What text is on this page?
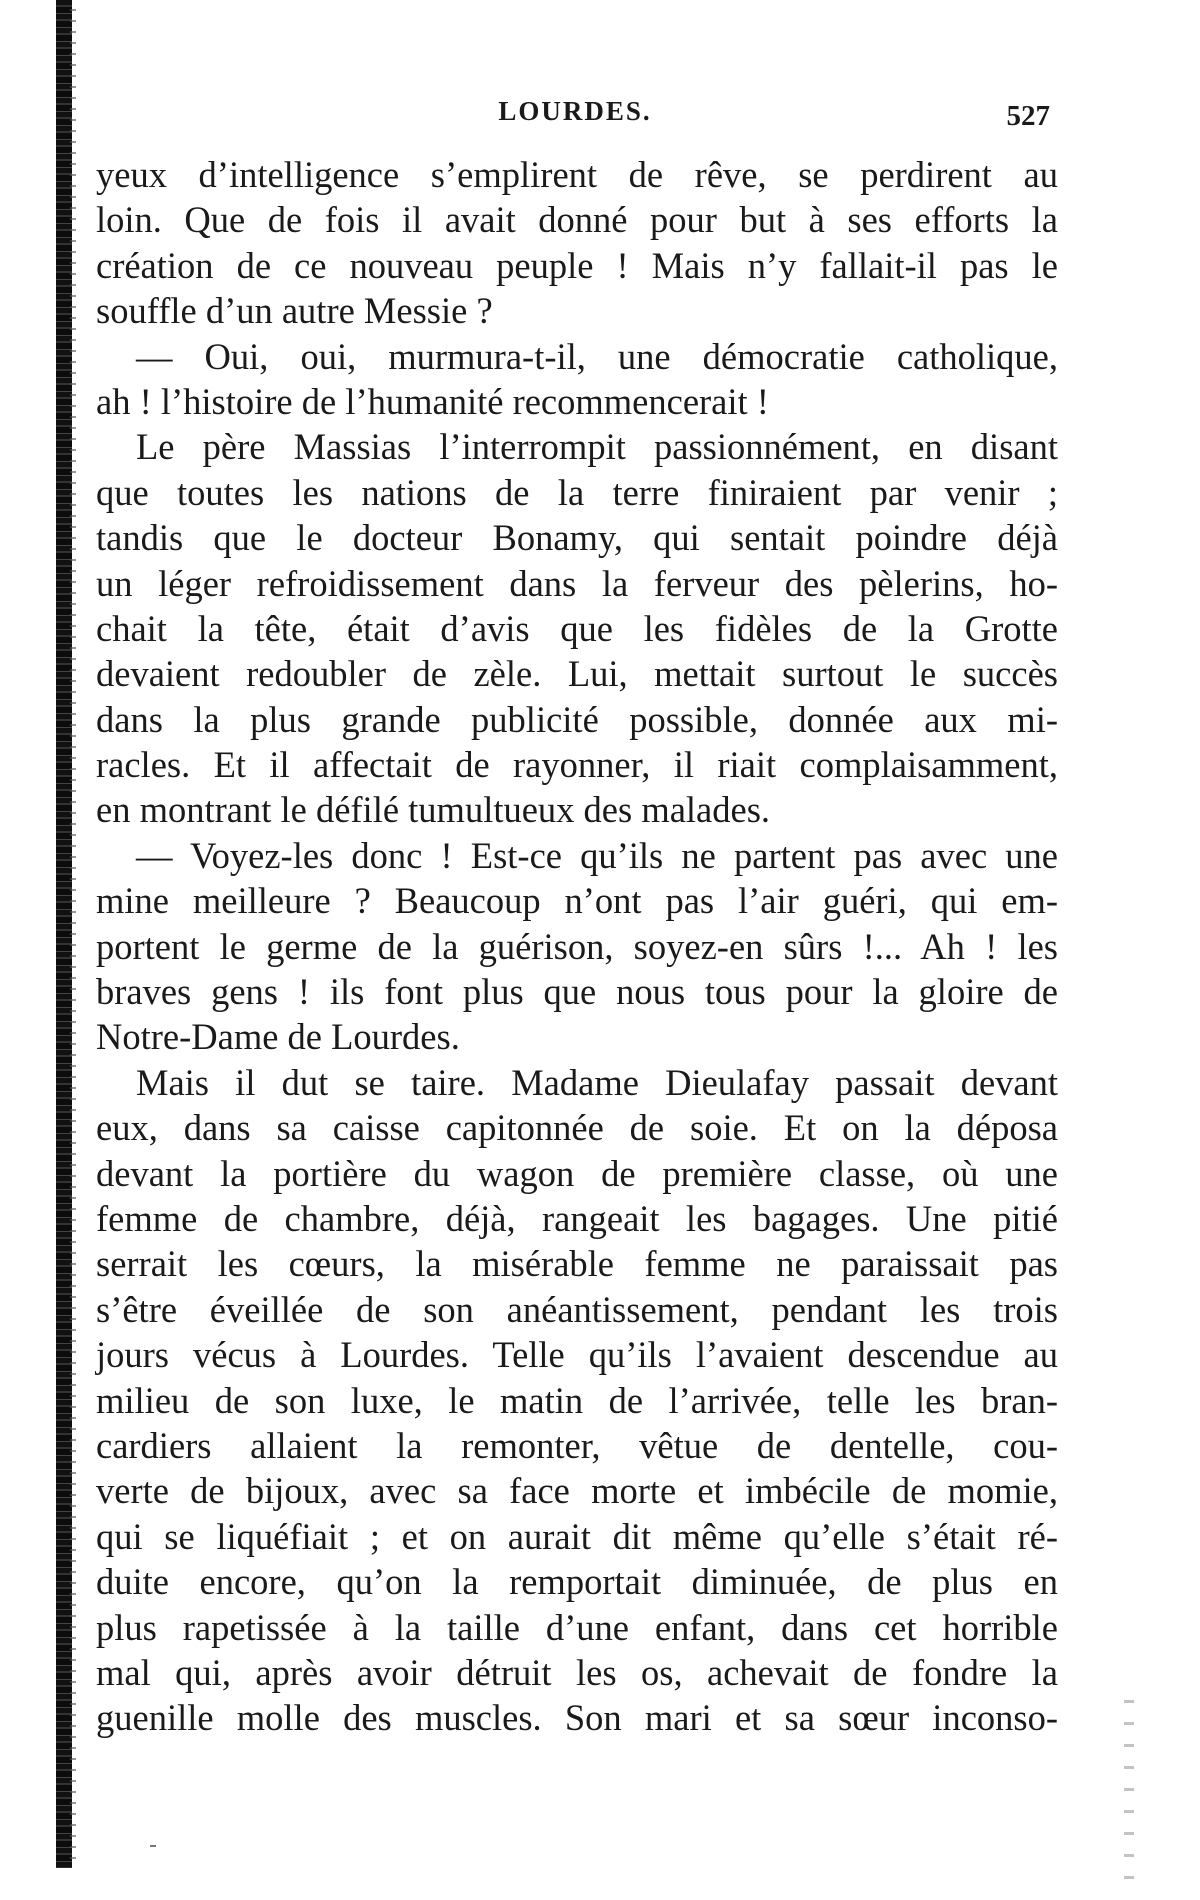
LOURDES.	527
yeux d’intelligence s’emplirent de rêve, se perdirent au
loin. Que de fois il avait donné pour but à ses efforts la
création de ce nouveau peuple ! Mais n’y fallait-il pas le
souffle d’un autre Messie ?
— Oui, oui, murmura-t-il, une démocratie catholique,
ah ! l’histoire de l’humanité recommencerait !
Le père Massias l’interrompit passionnément, en disant
que toutes les nations de la terre finiraient par venir ;
tandis que le docteur Bonamy, qui sentait poindre déjà
un léger refroidissement dans la ferveur des pèlerins, ho-
chait la tête, était d’avis que les fidèles de la Grotte
devaient redoubler de zèle. Lui, mettait surtout le succès
dans la plus grande publicité possible, donnée aux mi-
racles. Et il affectait de rayonner, il riait complaisamment,
en montrant le défilé tumultueux des malades.
— Voyez-les donc ! Est-ce qu’ils ne partent pas avec une
mine meilleure ? Beaucoup n’ont pas l’air guéri, qui em-
portent le germe de la guérison, soyez-en sûrs !... Ah ! les
braves gens ! ils font plus que nous tous pour la gloire de
Notre-Dame de Lourdes.
Mais il dut se taire. Madame Dieulafay passait devant
eux, dans sa caisse capitonnée de soie. Et on la déposa
devant la portière du wagon de première classe, où une
femme de chambre, déjà, rangeait les bagages. Une pitié
serrait les cœurs, la misérable femme ne paraissait pas
s’être éveillée de son anéantissement, pendant les trois
jours vécus à Lourdes. Telle qu’ils l’avaient descendue au
milieu de son luxe, le matin de l’arrivée, telle les bran-
cardiers allaient la remonter, vêtue de dentelle, cou-
verte de bijoux, avec sa face morte et imbécile de momie,
qui se liquéfiait ; et on aurait dit même qu’elle s’était ré-
duite encore, qu’on la remportait diminuée, de plus en
plus rapetissée à la taille d’une enfant, dans cet horrible
mal qui, après avoir détruit les os, achevait de fondre la
guenille molle des muscles. Son mari et sa sœur inconso-
